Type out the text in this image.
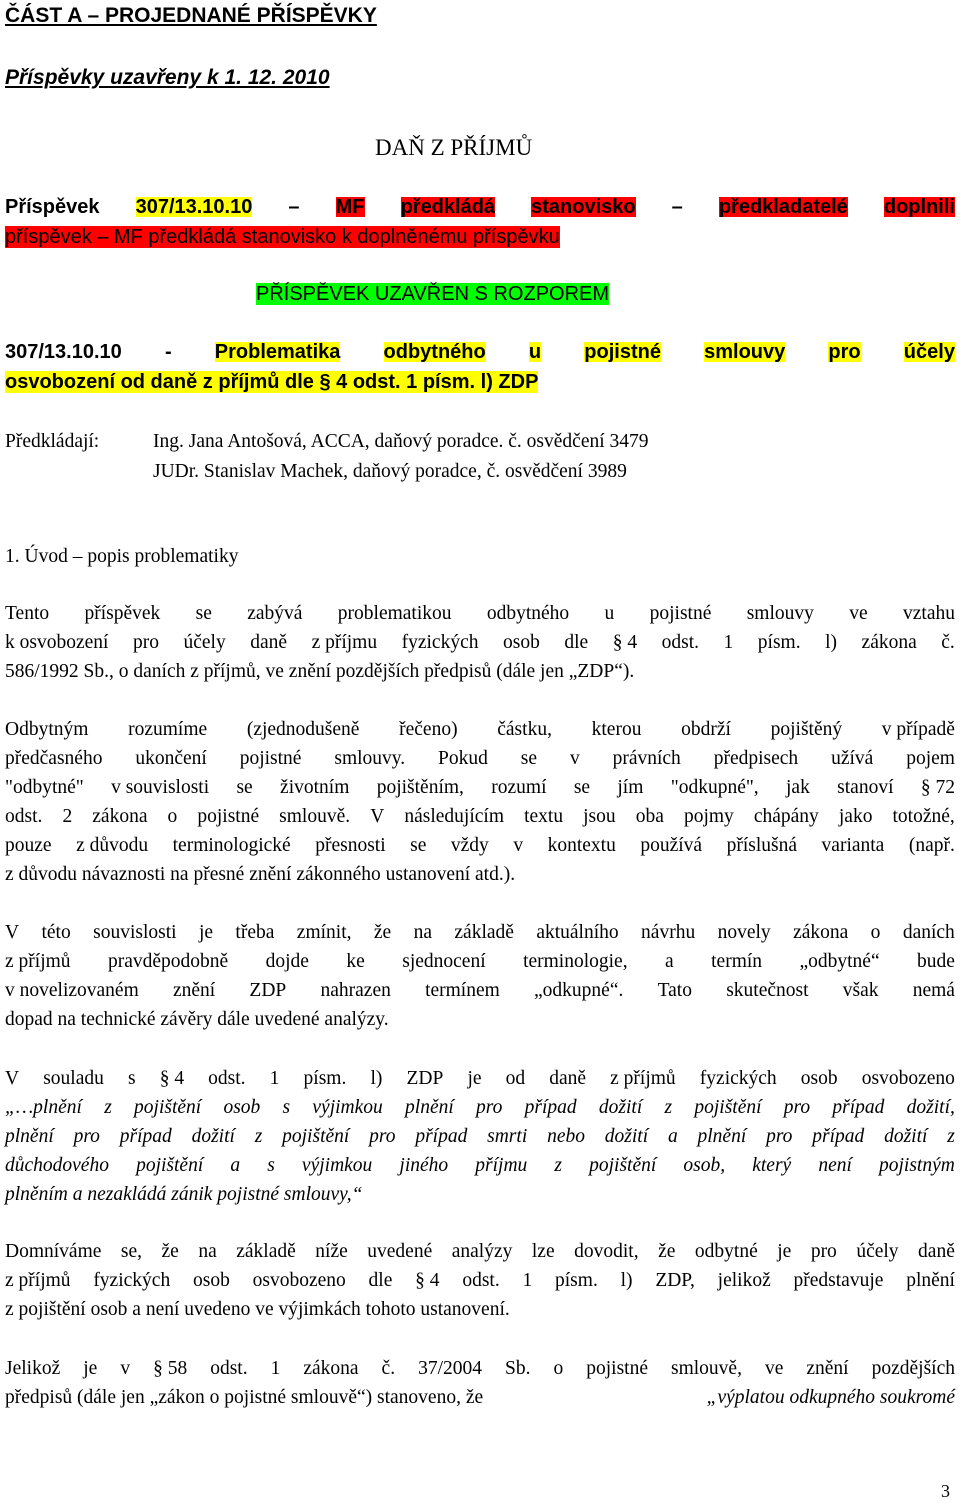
ČÁST A – PROJEDNANÉ PŘÍSPĚVKY
Příspěvky uzavřeny k 1. 12. 2010
DAŇ Z PŘÍJMŮ
Příspěvek 307/13.10.10 – MF předkládá stanovisko – předkladatelé doplnili
příspěvek – MF předkládá stanovisko k doplněnému příspěvku
PŘÍSPĚVEK UZAVŘEN S ROZPOREM
307/13.10.10 - Problematika odbytného u pojistné smlouvy pro účely
osvobození od daně z příjmů dle § 4 odst. 1 písm. l) ZDP
Předkládají:	Ing. Jana Antošová, ACCA, daňový poradce. č. osvědčení 3479
JUDr. Stanislav Machek, daňový poradce, č. osvědčení 3989
1. Úvod – popis problematiky
Tento příspěvek se zabývá problematikou odbytného u pojistné smlouvy ve vztahu
k osvobození pro účely daně z příjmu fyzických osob dle § 4 odst. 1 písm. l) zákona č.
586/1992 Sb., o daních z příjmů, ve znění pozdějších předpisů (dále jen „ZDP“).
Odbytným rozumíme (zjednodušeně řečeno) částku, kterou obdrží pojištěný v případě
předčasného ukončení pojistné smlouvy. Pokud se v právních předpisech užívá pojem
"odbytné" v souvislosti se životním pojištěním, rozumí se jím "odkupné", jak stanoví § 72
odst. 2 zákona o pojistné smlouvě. V následujícím textu jsou oba pojmy chápány jako totožné,
pouze z důvodu terminologické přesnosti se vždy v kontextu používá příslušná varianta (např.
z důvodu návaznosti na přesné znění zákonného ustanovení atd.).
V této souvislosti je třeba zmínit, že na základě aktuálního návrhu novely zákona o daních
z příjmů pravděpodobně dojde ke sjednocení terminologie, a termín „odbytné“ bude
v novelizovaném znění ZDP nahrazen termínem „odkupné“. Tato skutečnost však nemá
dopad na technické závěry dále uvedené analýzy.
V souladu s § 4 odst. 1 písm. l) ZDP je od daně z příjmů fyzických osob osvobozeno
„…plnění z pojištění osob s výjimkou plnění pro případ dožití z pojištění pro případ dožití,
plnění pro případ dožití z pojištění pro případ smrti nebo dožití a plnění pro případ dožití z
důchodového pojištění a s výjimkou jiného příjmu z pojištění osob, který není pojistným
plněním a nezakládá zánik pojistné smlouvy,“
Domníváme se, že na základě níže uvedené analýzy lze dovodit, že odbytné je pro účely daně
z příjmů fyzických osob osvobozeno dle § 4 odst. 1 písm. l) ZDP, jelikož představuje plnění
z pojištění osob a není uvedeno ve výjimkách tohoto ustanovení.
Jelikož je v § 58 odst. 1 zákona č. 37/2004 Sb. o pojistné smlouvě, ve znění pozdějších
předpisů (dále jen „zákon o pojistné smlouvě“) stanoveno, že	„výplatou odkupného soukromé
3
